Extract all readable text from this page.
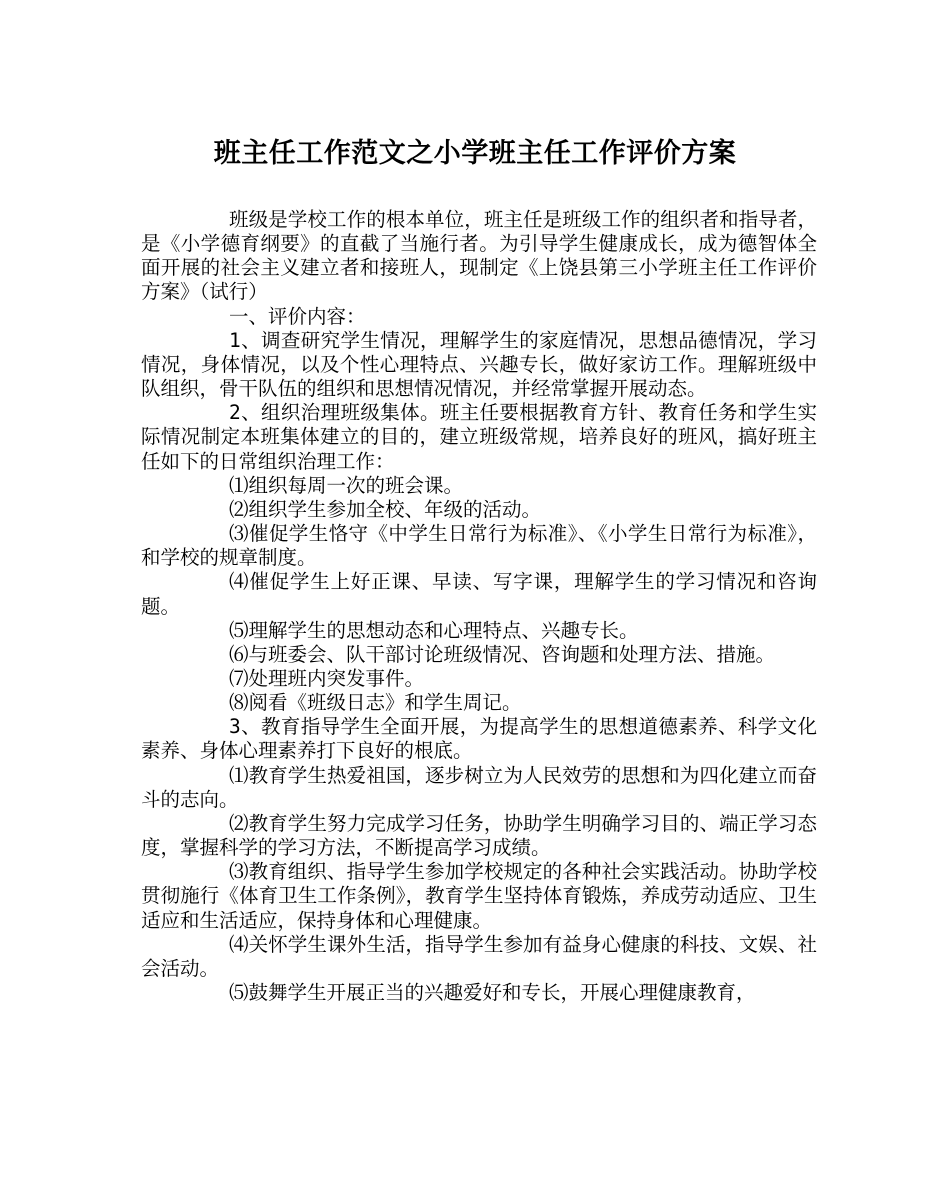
班主任工作范文之小学班主任工作评价方案

班级是学校工作的根本单位，班主任是班级工作的组织者和指导者，是《小学德育纲要》的直截了当施行者。为引导学生健康成长，成为德智体全面开展的社会主义建立者和接班人，现制定《上饶县第三小学班主任工作评价方案》（试行）

一、评价内容：

1、调查研究学生情况，理解学生的家庭情况，思想品德情况，学习情况，身体情况，以及个性心理特点、兴趣专长，做好家访工作。理解班级中队组织，骨干队伍的组织和思想情况情况，并经常掌握开展动态。

2、组织治理班级集体。班主任要根据教育方针、教育任务和学生实际情况制定本班集体建立的目的，建立班级常规，培养良好的班风，搞好班主任如下的日常组织治理工作：

⑴组织每周一次的班会课。

⑵组织学生参加全校、年级的活动。

⑶催促学生恪守《中学生日常行为标准》、《小学生日常行为标准》，和学校的规章制度。

⑷催促学生上好正课、早读、写字课，理解学生的学习情况和咨询题。

⑸理解学生的思想动态和心理特点、兴趣专长。

⑹与班委会、队干部讨论班级情况、咨询题和处理方法、措施。

⑺处理班内突发事件。

⑻阅看《班级日志》和学生周记。

3、教育指导学生全面开展，为提高学生的思想道德素养、科学文化素养、身体心理素养打下良好的根底。

⑴教育学生热爱祖国，逐步树立为人民效劳的思想和为四化建立而奋斗的志向。

⑵教育学生努力完成学习任务，协助学生明确学习目的、端正学习态度，掌握科学的学习方法，不断提高学习成绩。

⑶教育组织、指导学生参加学校规定的各种社会实践活动。协助学校贯彻施行《体育卫生工作条例》，教育学生坚持体育锻炼，养成劳动适应、卫生适应和生活适应，保持身体和心理健康。

⑷关怀学生课外生活，指导学生参加有益身心健康的科技、文娱、社会活动。

⑸鼓舞学生开展正当的兴趣爱好和专长，开展心理健康教育，
